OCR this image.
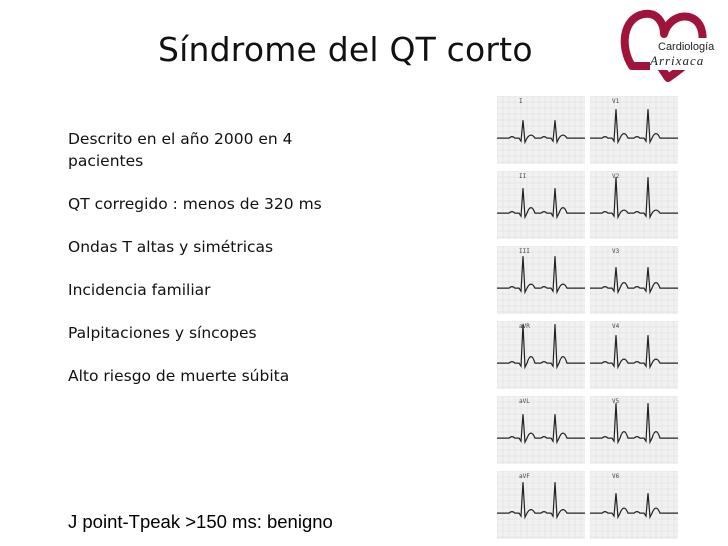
Síndrome del QT corto	Cardiología
Arrixaca
Descrito en el año 2000 en 4 pacientes
QT corregido : menos de 320 ms
Ondas T altas y simétricas
Incidencia familiar
Palpitaciones y síncopes
Alto riesgo de muerte súbita
J point-Tpeak >150 ms: benigno
I
II
III
aVR
aVL
aVF
V1
V2
V3
V4
V5
V6
